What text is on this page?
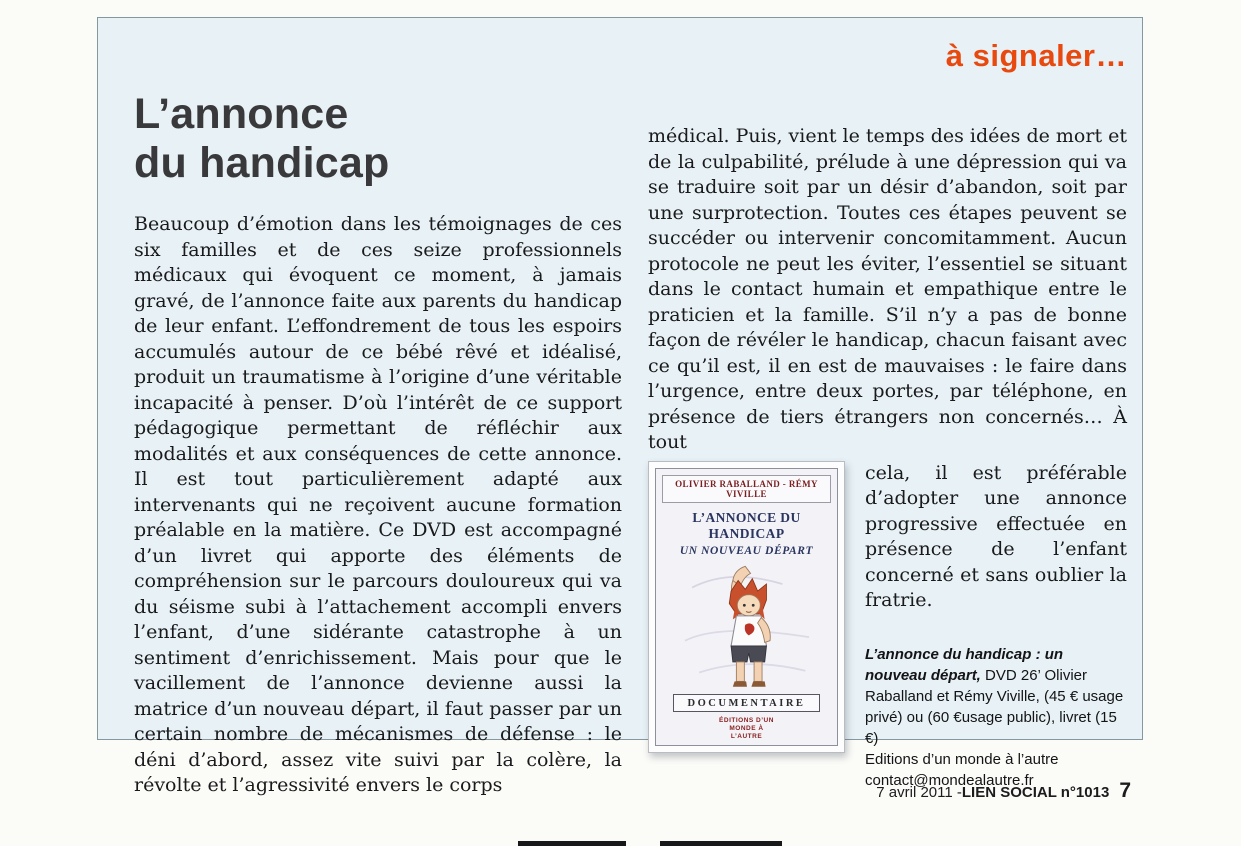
à signaler…
L’annonce
du handicap

Beaucoup d’émotion dans les témoignages de ces six familles et de ces seize professionnels médicaux qui évoquent ce moment, à jamais gravé, de l’annonce faite aux parents du handicap de leur enfant. L’effondrement de tous les espoirs accumulés autour de ce bébé rêvé et idéalisé, produit un traumatisme à l’origine d’une véritable incapacité à penser. D’où l’intérêt de ce support pédagogique permettant de réfléchir aux modalités et aux conséquences de cette annonce. Il est tout particulièrement adapté aux intervenants qui ne reçoivent aucune formation préalable en la matière. Ce DVD est accompagné d’un livret qui apporte des éléments de compréhension sur le parcours douloureux qui va du séisme subi à l’attachement accompli envers l’enfant, d’une sidérante catastrophe à un sentiment d’enrichissement. Mais pour que le vacillement de l’annonce devienne aussi la matrice d’un nouveau départ, il faut passer par un certain nombre de mécanismes de défense : le déni d’abord, assez vite suivi par la colère, la révolte et l’agressivité envers le corps

médical. Puis, vient le temps des idées de mort et de la culpabilité, prélude à une dépression qui va se traduire soit par un désir d’abandon, soit par une surprotection. Toutes ces étapes peuvent se succéder ou intervenir concomitamment. Aucun protocole ne peut les éviter, l’essentiel se situant dans le contact humain et empathique entre le praticien et la famille. S’il n’y a pas de bonne façon de révéler le handicap, chacun faisant avec ce qu’il est, il en est de mauvaises : le faire dans l’urgence, entre deux portes, par téléphone, en présence de tiers étrangers non concernés… À tout

OLIVIER RABALLAND - RÉMY VIVILLE
L’ANNONCE DU HANDICAP
UN NOUVEAU DÉPART
DOCUMENTAIRE
ÉDITIONS D’UN MONDE À L’AUTRE

cela, il est préférable d’adopter une annonce progressive effectuée en présence de l’enfant concerné et sans oublier la fratrie.

L’annonce du handicap : un nouveau départ, DVD 26’ Olivier Raballand et Rémy Viville, (45 € usage privé) ou (60 €usage public), livret (15 €)
Editions d’un monde à l’autre
contact@mondealautre.fr
7 avril 2011 - LIEN SOCIAL n°1013 7
